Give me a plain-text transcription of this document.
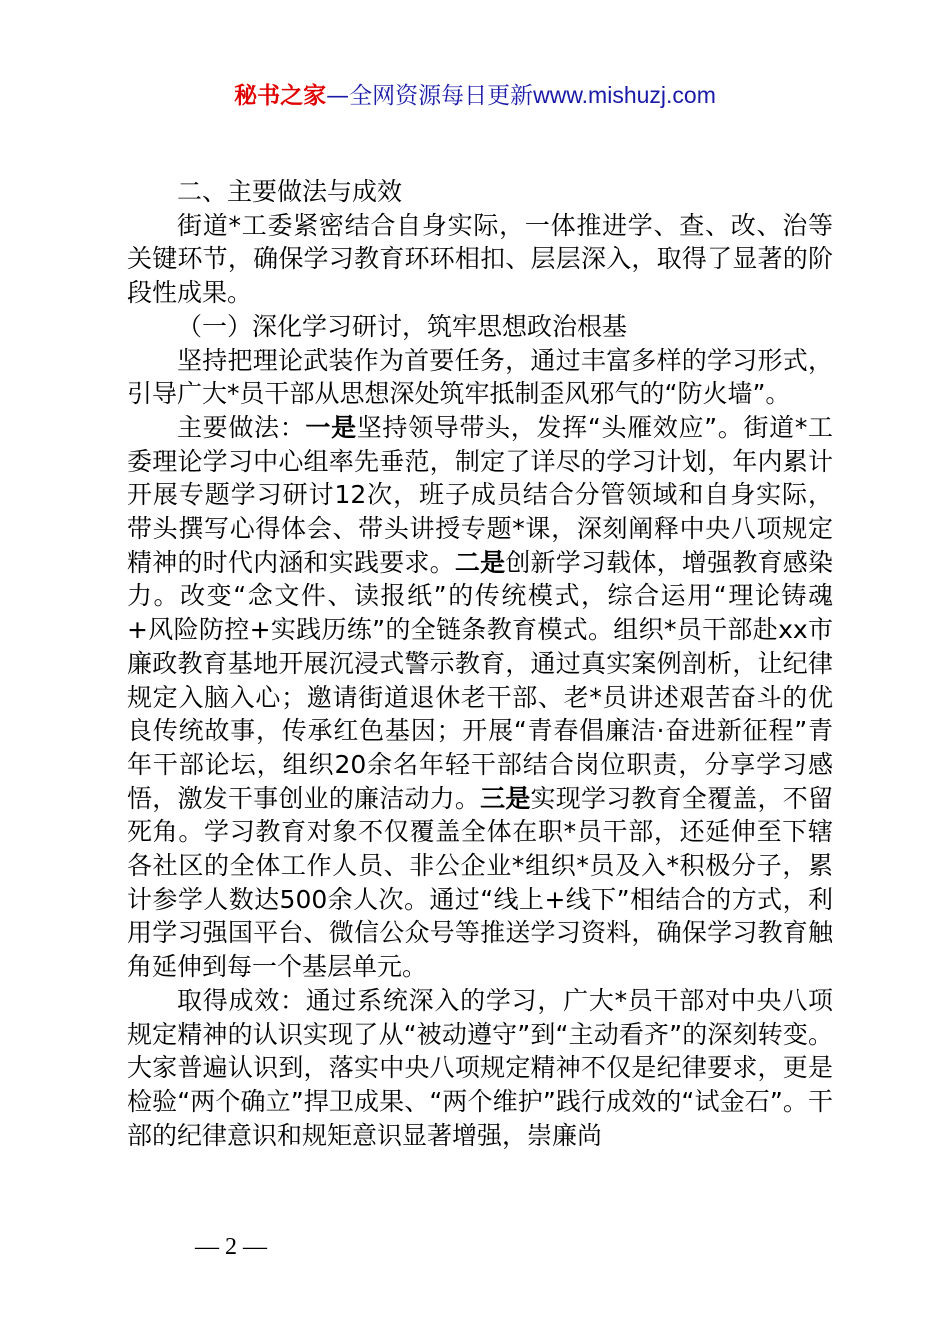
秘书之家—全网资源每日更新www.mishuzj.com

二、主要做法与成效

街道*工委紧密结合自身实际，一体推进学、查、改、治等关键环节，确保学习教育环环相扣、层层深入，取得了显著的阶段性成果。

（一）深化学习研讨，筑牢思想政治根基

坚持把理论武装作为首要任务，通过丰富多样的学习形式，引导广大*员干部从思想深处筑牢抵制歪风邪气的“防火墙”。

主要做法：一是坚持领导带头，发挥“头雁效应”。街道*工委理论学习中心组率先垂范，制定了详尽的学习计划，年内累计开展专题学习研讨12次，班子成员结合分管领域和自身实际，带头撰写心得体会、带头讲授专题*课，深刻阐释中央八项规定精神的时代内涵和实践要求。二是创新学习载体，增强教育感染力。改变“念文件、读报纸”的传统模式，综合运用“理论铸魂+风险防控+实践历练”的全链条教育模式。组织*员干部赴xx市廉政教育基地开展沉浸式警示教育，通过真实案例剖析，让纪律规定入脑入心；邀请街道退休老干部、老*员讲述艰苦奋斗的优良传统故事，传承红色基因；开展“青春倡廉洁·奋进新征程”青年干部论坛，组织20余名年轻干部结合岗位职责，分享学习感悟，激发干事创业的廉洁动力。三是实现学习教育全覆盖，不留死角。学习教育对象不仅覆盖全体在职*员干部，还延伸至下辖各社区的全体工作人员、非公企业*组织*员及入*积极分子，累计参学人数达500余人次。通过“线上+线下”相结合的方式，利用学习强国平台、微信公众号等推送学习资料，确保学习教育触角延伸到每一个基层单元。

取得成效：通过系统深入的学习，广大*员干部对中央八项规定精神的认识实现了从“被动遵守”到“主动看齐”的深刻转变。大家普遍认识到，落实中央八项规定精神不仅是纪律要求，更是检验“两个确立”捍卫成果、“两个维护”践行成效的“试金石”。干部的纪律意识和规矩意识显著增强，崇廉尚

— 2 —
